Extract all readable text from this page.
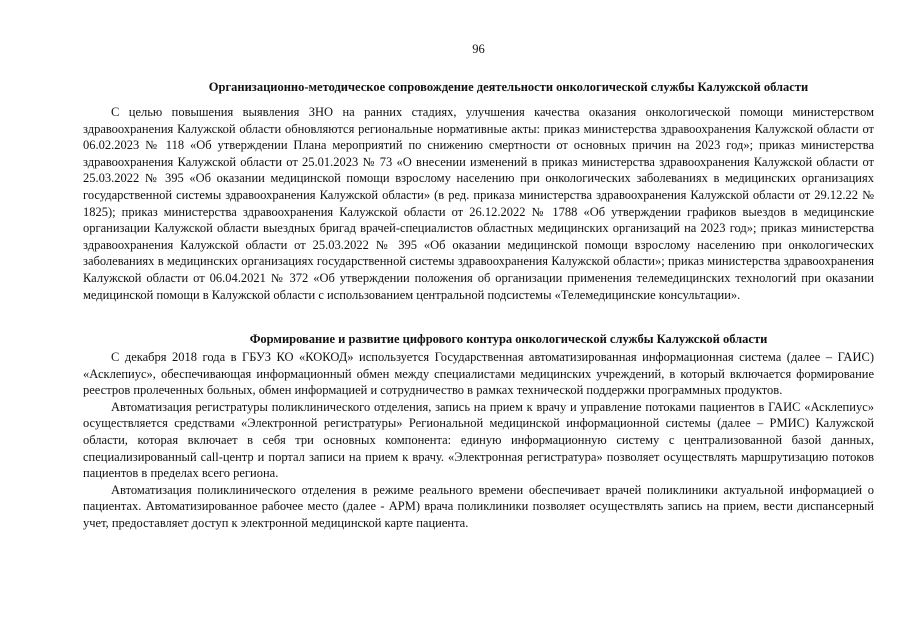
96
Организационно-методическое сопровождение деятельности онкологической службы Калужской области

С целью повышения выявления ЗНО на ранних стадиях, улучшения качества оказания онкологической помощи министерством здравоохранения Калужской области обновляются региональные нормативные акты: приказ министерства здравоохранения Калужской области от 06.02.2023 № 118 «Об утверждении Плана мероприятий по снижению смертности от основных причин на 2023 год»; приказ министерства здравоохранения Калужской области от 25.01.2023 № 73 «О внесении изменений в приказ министерства здравоохранения Калужской области от 25.03.2022 № 395 «Об оказании медицинской помощи взрослому населению при онкологических заболеваниях в медицинских организациях государственной системы здравоохранения Калужской области» (в ред. приказа министерства здравоохранения Калужской области от 29.12.22 № 1825); приказ министерства здравоохранения Калужской области от 26.12.2022 № 1788 «Об утверждении графиков выездов в медицинские организации Калужской области выездных бригад врачей-специалистов областных медицинских организаций на 2023 год»; приказ министерства здравоохранения Калужской области от 25.03.2022 № 395 «Об оказании медицинской помощи взрослому населению при онкологических заболеваниях в медицинских организациях государственной системы здравоохранения Калужской области»; приказ министерства здравоохранения Калужской области от 06.04.2021 № 372 «Об утверждении положения об организации применения телемедицинских технологий при оказании медицинской помощи в Калужской области с использованием центральной подсистемы «Телемедицинские консультации».

Формирование и развитие цифрового контура онкологической службы Калужской области

С декабря 2018 года в ГБУЗ КО «КОКОД» используется Государственная автоматизированная информационная система (далее – ГАИС) «Асклепиус», обеспечивающая информационный обмен между специалистами медицинских учреждений, в который включается формирование реестров пролеченных больных, обмен информацией и сотрудничество в рамках технической поддержки программных продуктов.

Автоматизация регистратуры поликлинического отделения, запись на прием к врачу и управление потоками пациентов в ГАИС «Асклепиус» осуществляется средствами «Электронной регистратуры» Региональной медицинской информационной системы (далее – РМИС) Калужской области, которая включает в себя три основных компонента: единую информационную систему с централизованной базой данных, специализированный call-центр и портал записи на прием к врачу. «Электронная регистратура» позволяет осуществлять маршрутизацию потоков пациентов в пределах всего региона.

Автоматизация поликлинического отделения в режиме реального времени обеспечивает врачей поликлиники актуальной информацией о пациентах. Автоматизированное рабочее место (далее - АРМ) врача поликлиники позволяет осуществлять запись на прием, вести диспансерный учет, предоставляет доступ к электронной медицинской карте пациента.
